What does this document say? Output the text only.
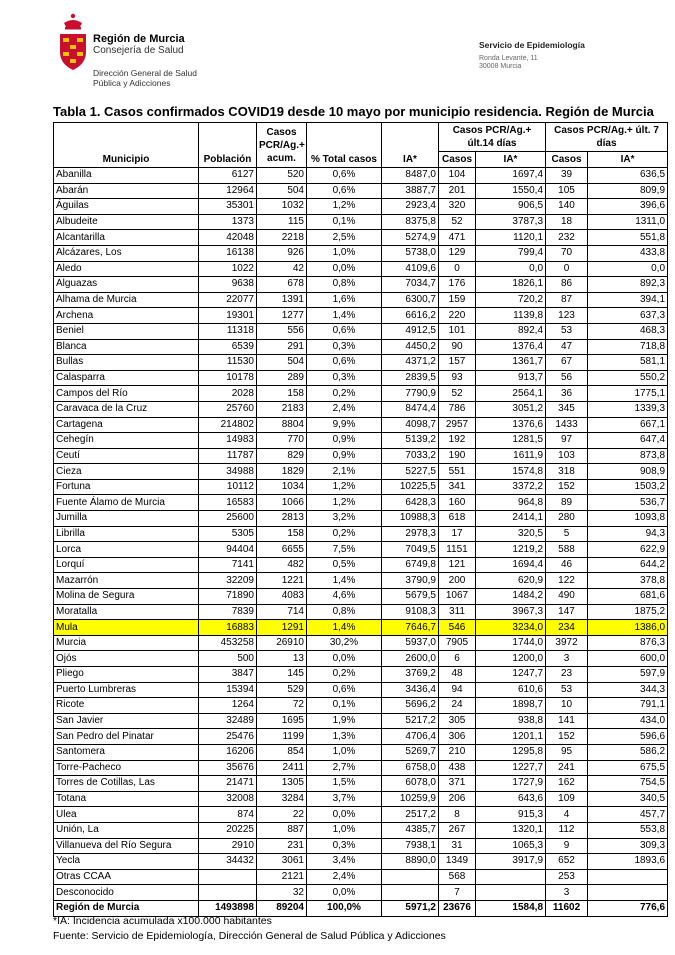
Región de Murcia
Consejería de Salud
Dirección General de Salud
Pública y Adicciones
Servicio de Epidemiología
Ronda Levante, 11
30008 Murcia
Tabla 1. Casos confirmados COVID19 desde 10 mayo por municipio residencia. Región de Murcia
Municipio	Población	Casos PCR/Ag.+ acum.	% Total casos	IA*	Casos PCR/Ag.+ últ.14 días		Casos PCR/Ag.+ últ. 7 días	
					Casos	IA*	Casos	IA*
Abanilla	6127	520	0,6%	8487,0	104	1697,4	39	636,5
Abarán	12964	504	0,6%	3887,7	201	1550,4	105	809,9
Águilas	35301	1032	1,2%	2923,4	320	906,5	140	396,6
Albudeite	1373	115	0,1%	8375,8	52	3787,3	18	1311,0
Alcantarilla	42048	2218	2,5%	5274,9	471	1120,1	232	551,8
Alcázares, Los	16138	926	1,0%	5738,0	129	799,4	70	433,8
Aledo	1022	42	0,0%	4109,6	0	0,0	0	0,0
Alguazas	9638	678	0,8%	7034,7	176	1826,1	86	892,3
Alhama de Murcia	22077	1391	1,6%	6300,7	159	720,2	87	394,1
Archena	19301	1277	1,4%	6616,2	220	1139,8	123	637,3
Beniel	11318	556	0,6%	4912,5	101	892,4	53	468,3
Blanca	6539	291	0,3%	4450,2	90	1376,4	47	718,8
Bullas	11530	504	0,6%	4371,2	157	1361,7	67	581,1
Calasparra	10178	289	0,3%	2839,5	93	913,7	56	550,2
Campos del Río	2028	158	0,2%	7790,9	52	2564,1	36	1775,1
Caravaca de la Cruz	25760	2183	2,4%	8474,4	786	3051,2	345	1339,3
Cartagena	214802	8804	9,9%	4098,7	2957	1376,6	1433	667,1
Cehegín	14983	770	0,9%	5139,2	192	1281,5	97	647,4
Ceutí	11787	829	0,9%	7033,2	190	1611,9	103	873,8
Cieza	34988	1829	2,1%	5227,5	551	1574,8	318	908,9
Fortuna	10112	1034	1,2%	10225,5	341	3372,2	152	1503,2
Fuente Álamo de Murcia	16583	1066	1,2%	6428,3	160	964,8	89	536,7
Jumilla	25600	2813	3,2%	10988,3	618	2414,1	280	1093,8
Librilla	5305	158	0,2%	2978,3	17	320,5	5	94,3
Lorca	94404	6655	7,5%	7049,5	1151	1219,2	588	622,9
Lorquí	7141	482	0,5%	6749,8	121	1694,4	46	644,2
Mazarrón	32209	1221	1,4%	3790,9	200	620,9	122	378,8
Molina de Segura	71890	4083	4,6%	5679,5	1067	1484,2	490	681,6
Moratalla	7839	714	0,8%	9108,3	311	3967,3	147	1875,2
Mula	16883	1291	1,4%	7646,7	546	3234,0	234	1386,0
Murcia	453258	26910	30,2%	5937,0	7905	1744,0	3972	876,3
Ojós	500	13	0,0%	2600,0	6	1200,0	3	600,0
Pliego	3847	145	0,2%	3769,2	48	1247,7	23	597,9
Puerto Lumbreras	15394	529	0,6%	3436,4	94	610,6	53	344,3
Ricote	1264	72	0,1%	5696,2	24	1898,7	10	791,1
San Javier	32489	1695	1,9%	5217,2	305	938,8	141	434,0
San Pedro del Pinatar	25476	1199	1,3%	4706,4	306	1201,1	152	596,6
Santomera	16206	854	1,0%	5269,7	210	1295,8	95	586,2
Torre-Pacheco	35676	2411	2,7%	6758,0	438	1227,7	241	675,5
Torres de Cotillas, Las	21471	1305	1,5%	6078,0	371	1727,9	162	754,5
Totana	32008	3284	3,7%	10259,9	206	643,6	109	340,5
Ulea	874	22	0,0%	2517,2	8	915,3	4	457,7
Unión, La	20225	887	1,0%	4385,7	267	1320,1	112	553,8
Villanueva del Río Segura	2910	231	0,3%	7938,1	31	1065,3	9	309,3
Yecla	34432	3061	3,4%	8890,0	1349	3917,9	652	1893,6
Otras CCAA		2121	2,4%		568		253	
Desconocido		32	0,0%		7		3	
Región de Murcia	1493898	89204	100,0%	5971,2	23676	1584,8	11602	776,6
*IA: Incidencia acumulada x100.000 habitantes
Fuente: Servicio de Epidemiología, Dirección General de Salud Pública y Adicciones
